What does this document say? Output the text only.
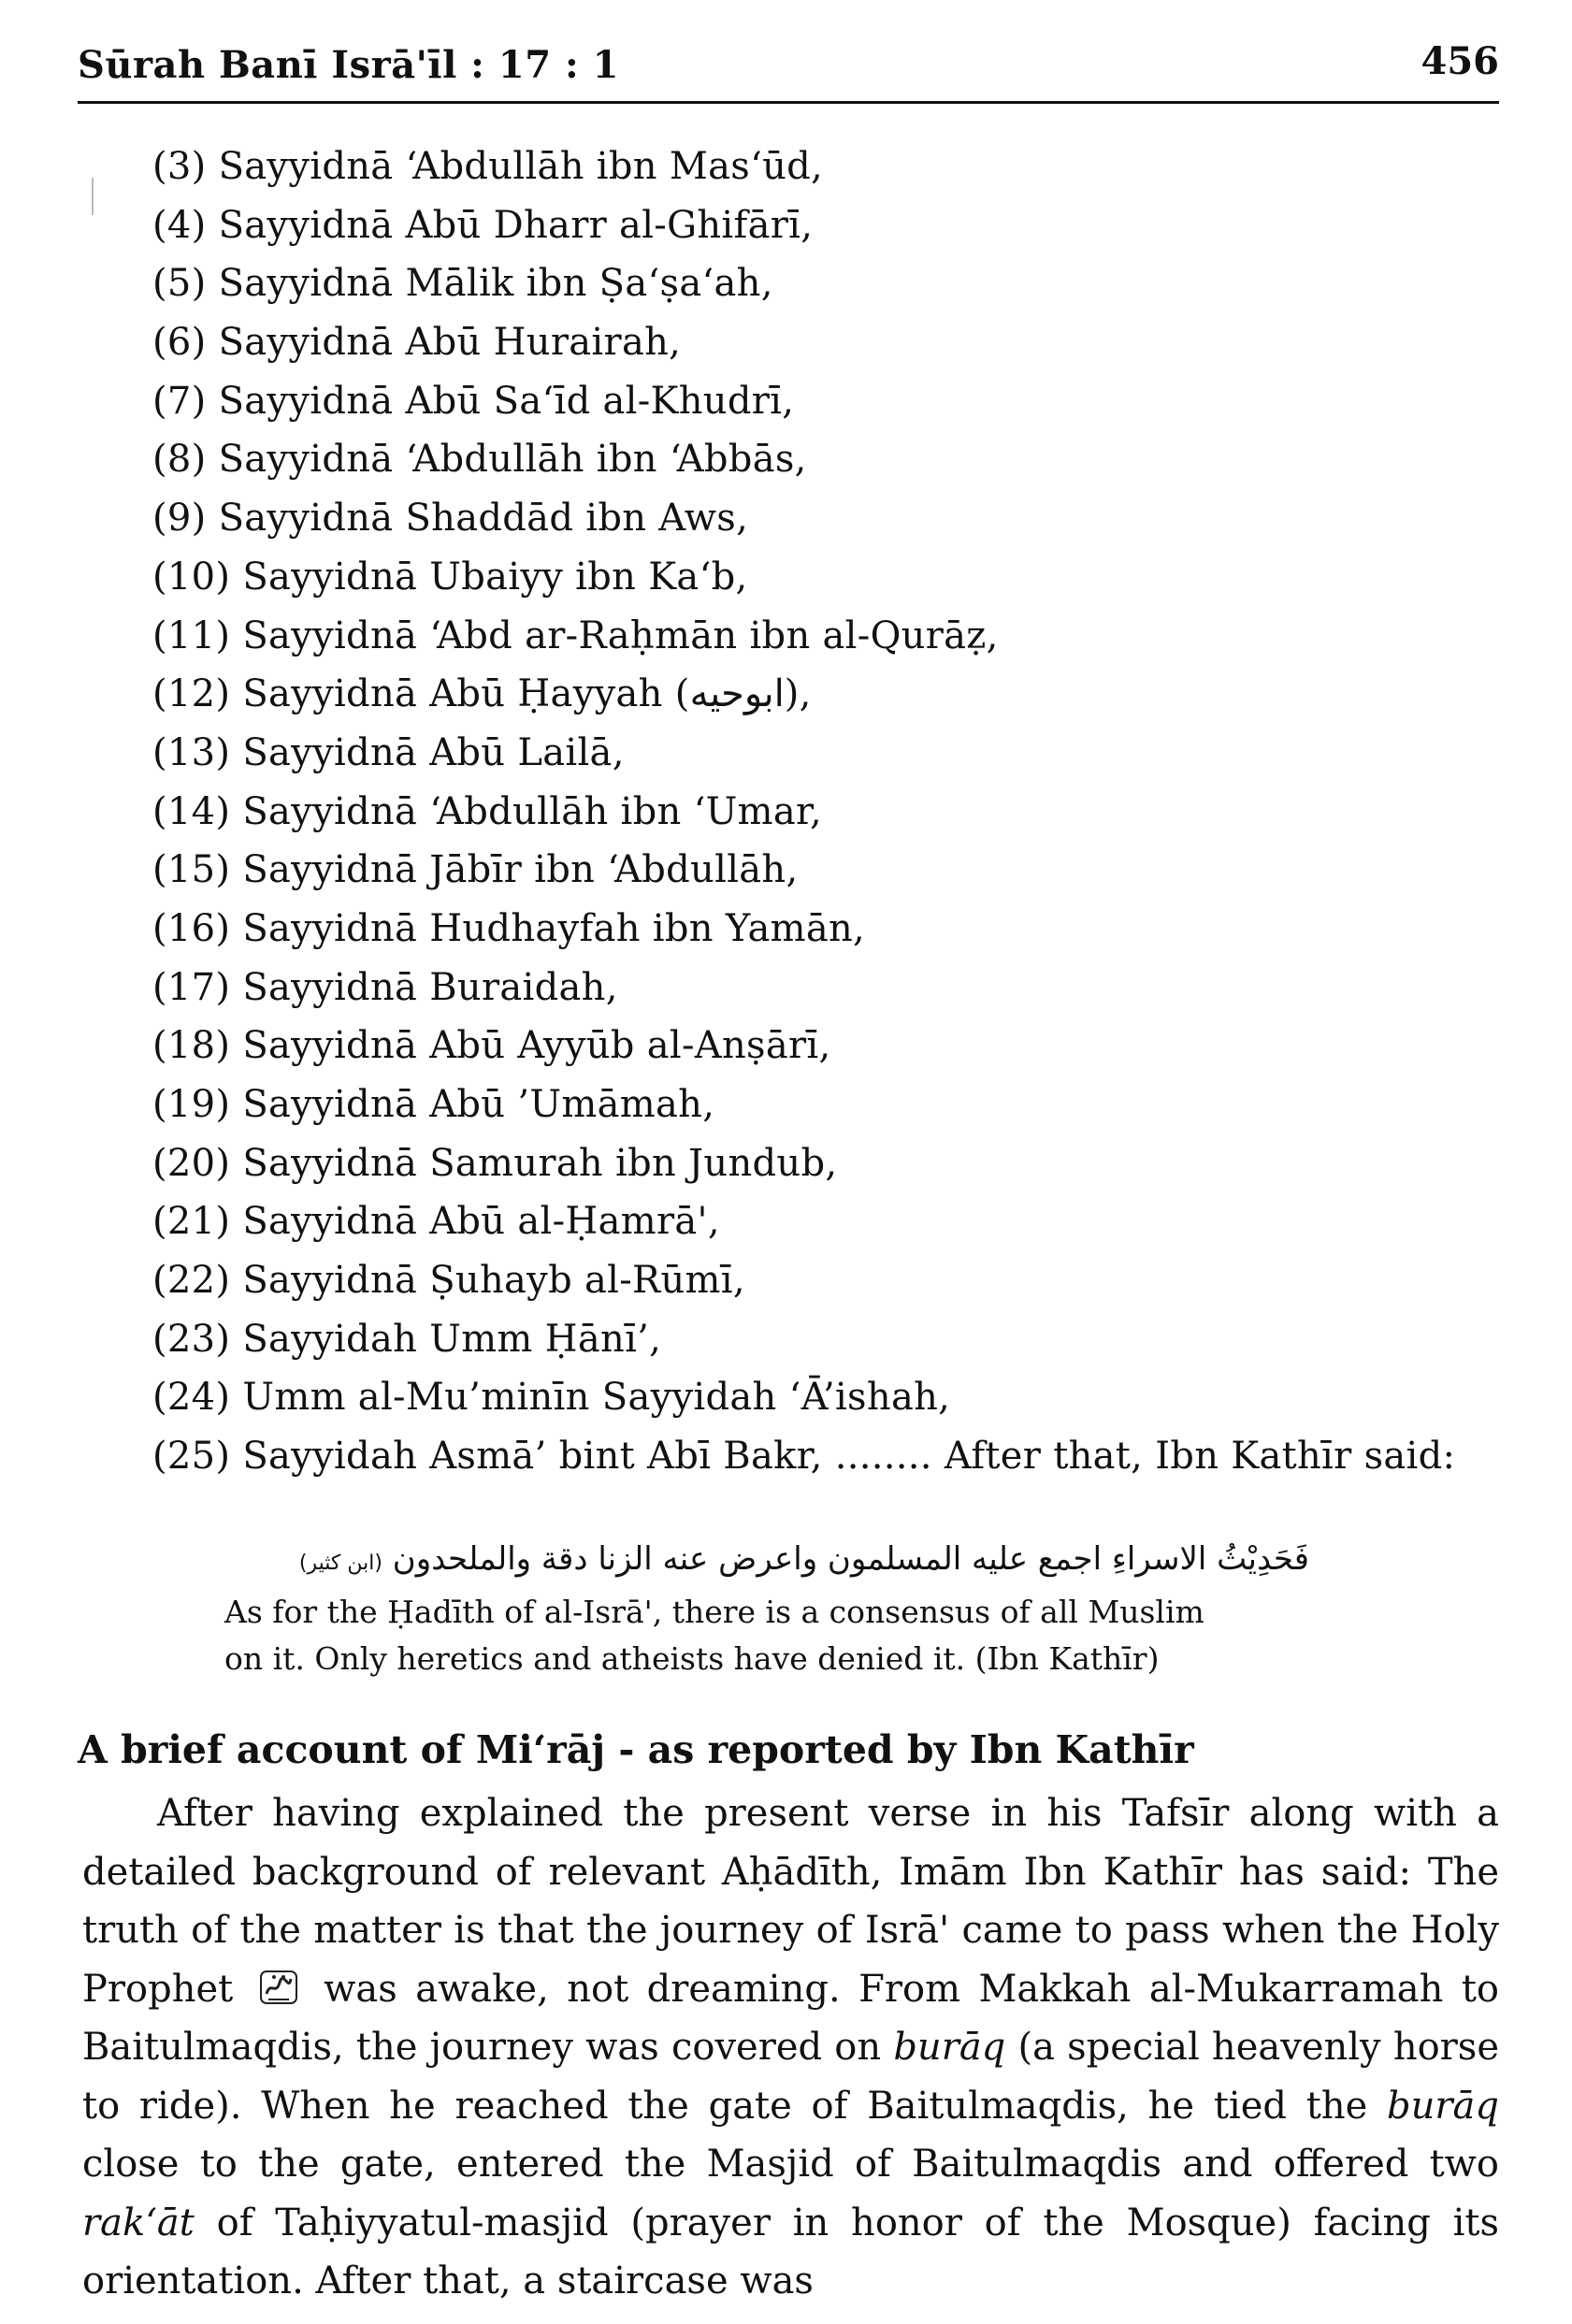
Sūrah Banī Isrā'īl : 17 : 1	456
(3) Sayyidnā ‘Abdullāh ibn Mas‘ūd,
(4) Sayyidnā Abū Dharr al-Ghifārī,
(5) Sayyidnā Mālik ibn Ṣa‘ṣa‘ah,
(6) Sayyidnā Abū Hurairah,
(7) Sayyidnā Abū Sa‘īd al-Khudrī,
(8) Sayyidnā ‘Abdullāh ibn ‘Abbās,
(9) Sayyidnā Shaddād ibn Aws,
(10) Sayyidnā Ubaiyy ibn Ka‘b,
(11) Sayyidnā ‘Abd ar-Raḥmān ibn al-Qurāẓ,
(12) Sayyidnā Abū Ḥayyah (ابوحيه),
(13) Sayyidnā Abū Lailā,
(14) Sayyidnā ‘Abdullāh ibn ‘Umar,
(15) Sayyidnā Jābīr ibn ‘Abdullāh,
(16) Sayyidnā Hudhayfah ibn Yamān,
(17) Sayyidnā Buraidah,
(18) Sayyidnā Abū Ayyūb al-Anṣārī,
(19) Sayyidnā Abū ’Umāmah,
(20) Sayyidnā Samurah ibn Jundub,
(21) Sayyidnā Abū al-Ḥamrā',
(22) Sayyidnā Ṣuhayb al-Rūmī,
(23) Sayyidah Umm Ḥānī’,
(24) Umm al-Mu’minīn Sayyidah ‘Ā’ishah,
(25) Sayyidah Asmā’ bint Abī Bakr, ........ After that, Ibn Kathīr said:
فَحَدِيْثُ الاسراءِ اجمع عليه المسلمون واعرض عنه الزنا دقة والملحدون (ابن كثير)
As for the Ḥadīth of al-Isrā', there is a consensus of all Muslim
on it. Only heretics and atheists have denied it. (Ibn Kathīr)
A brief account of Mi‘rāj - as reported by Ibn Kathīr
After having explained the present verse in his Tafsīr along with a detailed background of relevant Aḥādīth, Imām Ibn Kathīr has said: The truth of the matter is that the journey of Isrā' came to pass when the Holy Prophet was awake, not dreaming. From Makkah al-Mukarramah to Baitulmaqdis, the journey was covered on burāq (a special heavenly horse to ride). When he reached the gate of Baitulmaqdis, he tied the burāq close to the gate, entered the Masjid of Baitulmaqdis and offered two rak‘āt of Taḥiyyatul-masjid (prayer in honor of the Mosque) facing its orientation. After that, a staircase was
